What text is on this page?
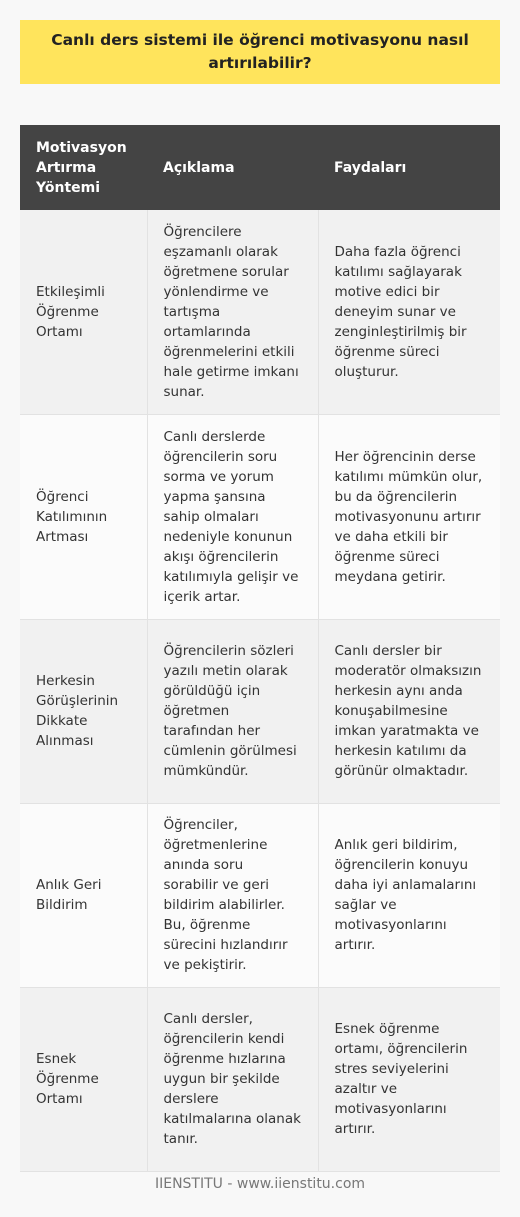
Canlı ders sistemi ile öğrenci motivasyonu nasıl artırılabilir?
Motivasyon Artırma Yöntemi	Açıklama	Faydaları
Etkileşimli Öğrenme Ortamı	Öğrencilere eşzamanlı olarak öğretmene sorular yönlendirme ve tartışma ortamlarında öğrenmelerini etkili hale getirme imkanı sunar.	Daha fazla öğrenci katılımı sağlayarak motive edici bir deneyim sunar ve zenginleştirilmiş bir öğrenme süreci oluşturur.
Öğrenci Katılımının Artması	Canlı derslerde öğrencilerin soru sorma ve yorum yapma şansına sahip olmaları nedeniyle konunun akışı öğrencilerin katılımıyla gelişir ve içerik artar.	Her öğrencinin derse katılımı mümkün olur, bu da öğrencilerin motivasyonunu artırır ve daha etkili bir öğrenme süreci meydana getirir.
Herkesin Görüşlerinin Dikkate Alınması	Öğrencilerin sözleri yazılı metin olarak görüldüğü için öğretmen tarafından her cümlenin görülmesi mümkündür.	Canlı dersler bir moderatör olmaksızın herkesin aynı anda konuşabilmesine imkan yaratmakta ve herkesin katılımı da görünür olmaktadır.
Anlık Geri Bildirim	Öğrenciler, öğretmenlerine anında soru sorabilir ve geri bildirim alabilirler. Bu, öğrenme sürecini hızlandırır ve pekiştirir.	Anlık geri bildirim, öğrencilerin konuyu daha iyi anlamalarını sağlar ve motivasyonlarını artırır.
Esnek Öğrenme Ortamı	Canlı dersler, öğrencilerin kendi öğrenme hızlarına uygun bir şekilde derslere katılmalarına olanak tanır.	Esnek öğrenme ortamı, öğrencilerin stres seviyelerini azaltır ve motivasyonlarını artırır.
IIENSTITU - www.iienstitu.com
